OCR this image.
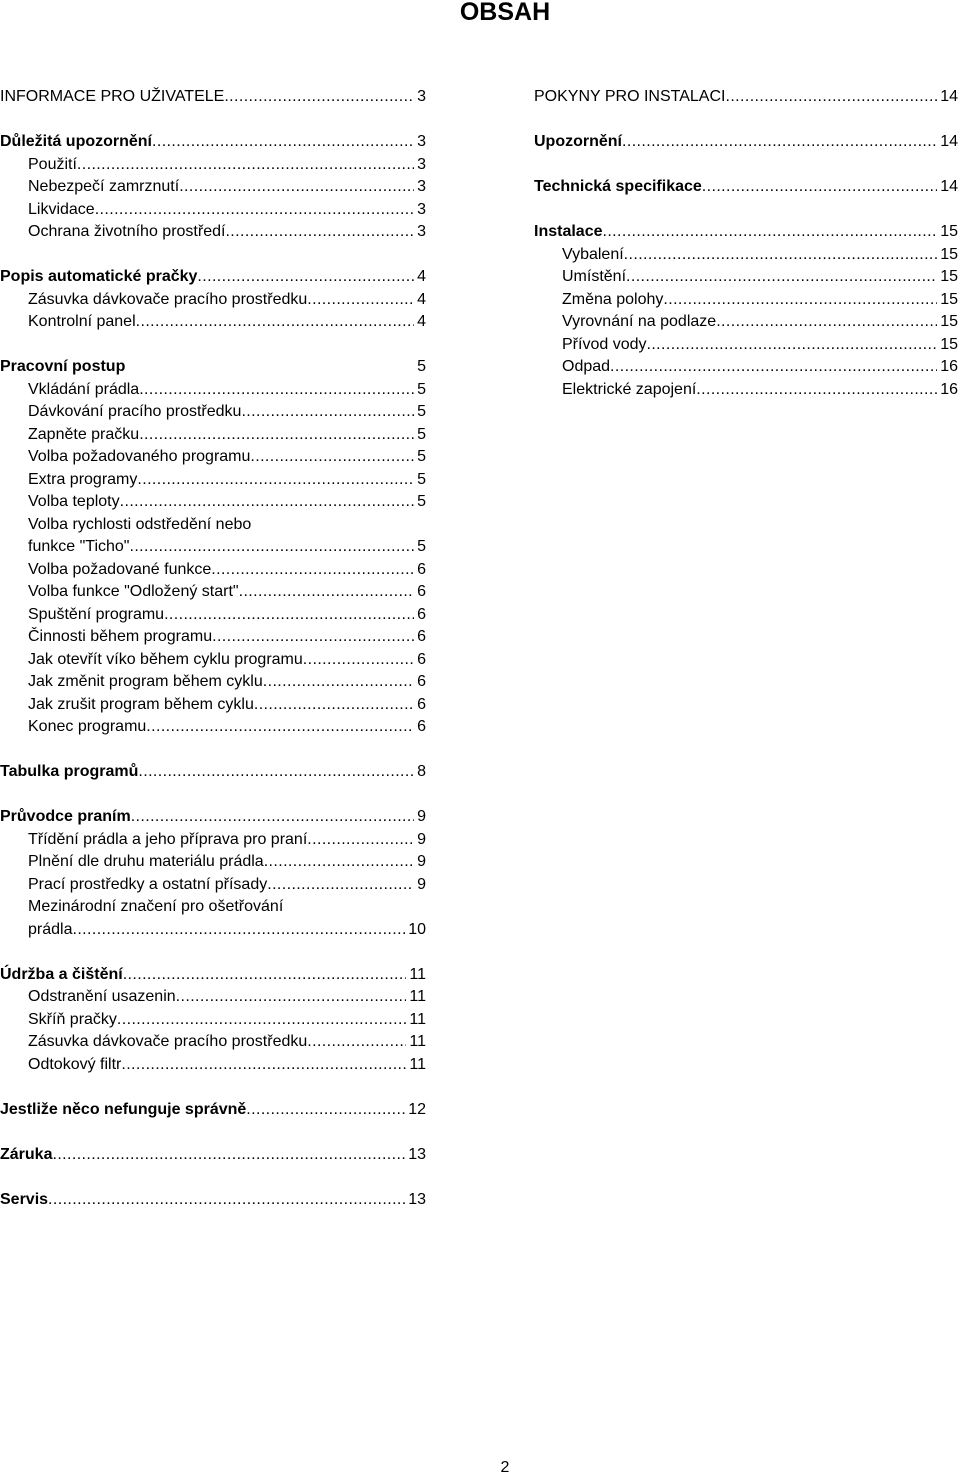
OBSAH
INFORMACE PRO UŽIVATELE .....	3
Důležitá upozornění .....	3
Použití .....	3
Nebezpečí zamrznutí .....	3
Likvidace .....	3
Ochrana životního prostředí .....	3
Popis automatické pračky .....	4
Zásuvka dávkovače pracího prostředku .....	4
Kontrolní panel .....	4
Pracovní postup	5
Vkládání prádla .....	5
Dávkování pracího prostředku .....	5
Zapněte pračku .....	5
Volba požadovaného programu .....	5
Extra programy .....	5
Volba teploty .....	5
Volba rychlosti odstředění nebo
funkce "Ticho" .....	5
Volba požadované funkce .....	6
Volba funkce "Odložený start" .....	6
Spuštění programu .....	6
Činnosti během programu .....	6
Jak otevřít víko během cyklu programu .....	6
Jak změnit program během cyklu .....	6
Jak zrušit program během cyklu .....	6
Konec programu .....	6
Tabulka programů .....	8
Průvodce praním .....	9
Třídění prádla a jeho příprava pro praní .....	9
Plnění dle druhu materiálu prádla .....	9
Prací prostředky a ostatní přísady .....	9
Mezinárodní značení pro ošetřování
prádla .....	10
Údržba a čištění .....	11
Odstranění usazenin .....	11
Skříň pračky .....	11
Zásuvka dávkovače pracího prostředku .....	11
Odtokový filtr .....	11
Jestliže něco nefunguje správně .....	12
Záruka .....	13
Servis .....	13
POKYNY PRO INSTALACI .....	14
Upozornění .....	14
Technická specifikace .....	14
Instalace .....	15
Vybalení .....	15
Umístění .....	15
Změna polohy .....	15
Vyrovnání na podlaze .....	15
Přívod vody .....	15
Odpad .....	16
Elektrické zapojení .....	16
2
